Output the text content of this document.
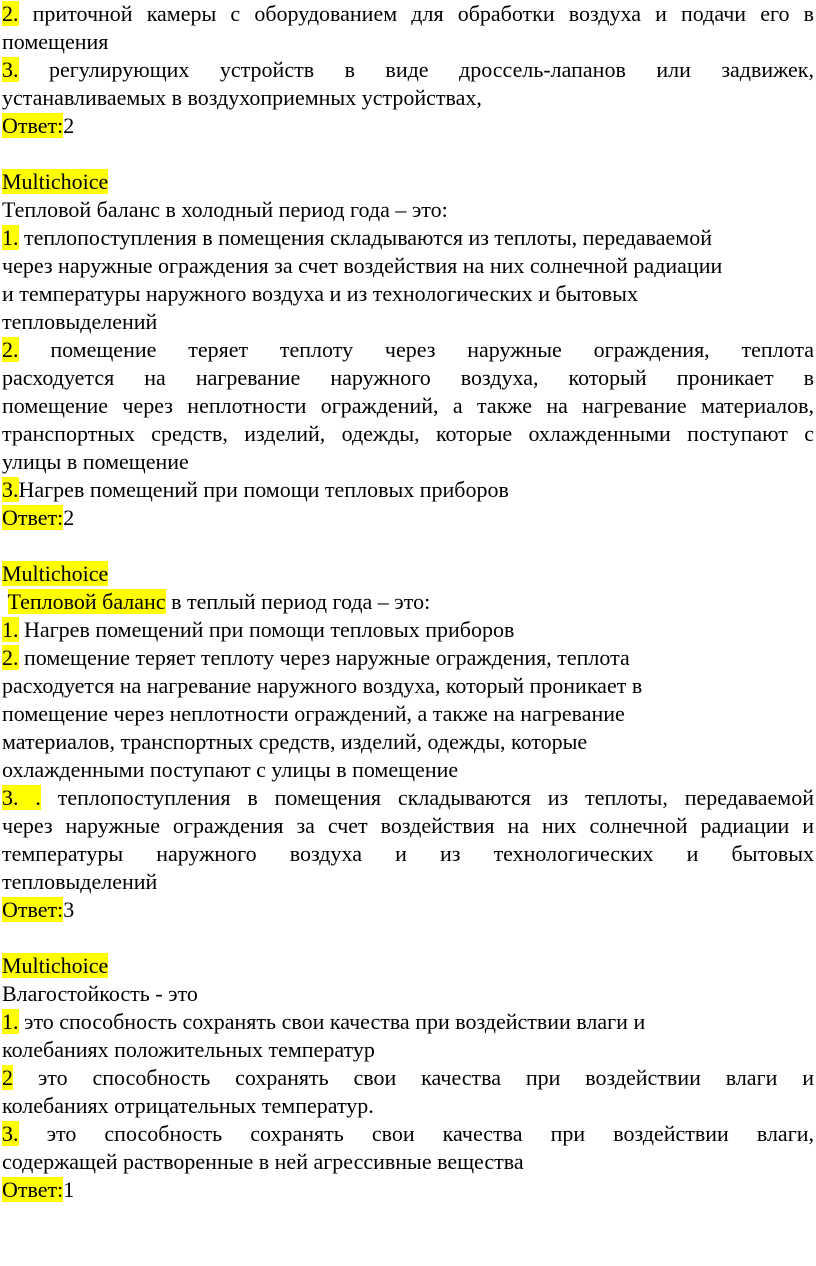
2. приточной камеры с оборудованием для обработки воздуха и подачи его в
помещения
3. регулирующих устройств в виде дроссель-лапанов или задвижек,
устанавливаемых в воздухоприемных устройствах,
Ответ:2
Multichoice
Тепловой баланс в холодный период года – это:
1. теплопоступления в помещения складываются из теплоты, передаваемой
через наружные ограждения за счет воздействия на них солнечной радиации
и температуры наружного воздуха и из технологических и бытовых
тепловыделений
2. помещение теряет теплоту через наружные ограждения, теплота
расходуется на нагревание наружного воздуха, который проникает в
помещение через неплотности ограждений, а также на нагревание материалов,
транспортных средств, изделий, одежды, которые охлажденными поступают с
улицы в помещение
3.Нагрев помещений при помощи тепловых приборов
Ответ:2
Multichoice
Тепловой баланс в теплый период года – это:
1. Нагрев помещений при помощи тепловых приборов
2. помещение теряет теплоту через наружные ограждения, теплота
расходуется на нагревание наружного воздуха, который проникает в
помещение через неплотности ограждений, а также на нагревание
материалов, транспортных средств, изделий, одежды, которые
охлажденными поступают с улицы в помещение
3. . теплопоступления в помещения складываются из теплоты, передаваемой
через наружные ограждения за счет воздействия на них солнечной радиации и
температуры наружного воздуха и из технологических и бытовых
тепловыделений
Ответ:3
Multichoice
Влагостойкость - это
1. это способность сохранять свои качества при воздействии влаги и
колебаниях положительных температур
2 это способность сохранять свои качества при воздействии влаги и
колебаниях отрицательных температур.
3. это способность сохранять свои качества при воздействии влаги,
содержащей растворенные в ней агрессивные вещества
Ответ:1
